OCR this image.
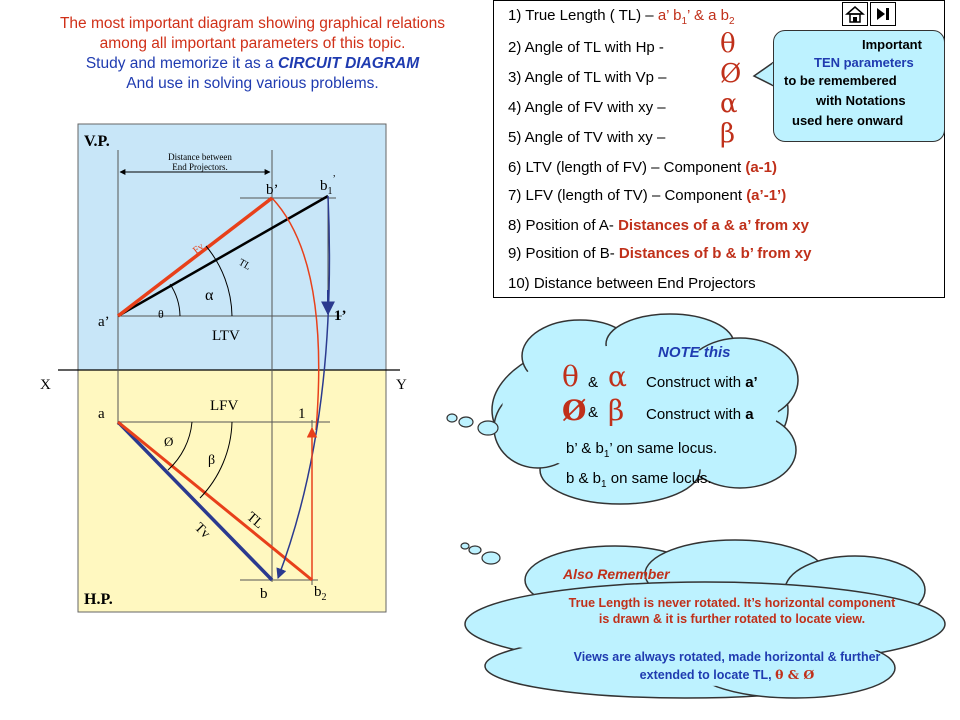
The most important diagram showing graphical relations
among all important parameters of this topic.
Study and memorize it as a CIRCUIT DIAGRAM
And use in solving various problems.
1) True Length ( TL) – a’ $b_1$’ & a $b_2$
2) Angle of TL with Hp - θ
3) Angle of TL with Vp – Ø
4) Angle of FV with xy – α
5) Angle of TV with xy – β
6) LTV (length of FV) – Component (a-1)
7) LFV (length of TV) – Component (a’-1’)
8) Position of A- Distances of a & a’ from xy
9) Position of B- Distances of b & b’ from xy
10) Distance between End Projectors
Important
TEN parameters
to be remembered
with Notations
used here onward
Distance between
End Projectors.
V.P.
H.P.
X	Y
b’	$b_1^’$
a’	1’
LTV
LFV
Fv
TL
α
θ
a	1
Ø
β
TL
Tv
b	$b_2$
NOTE this
θ & α Construct with a’
Ø & β Construct with a
b’ & $b_1$’ on same locus.
b & $b_1$ on same locus.
Also Remember
True Length is never rotated. It’s horizontal component
is drawn & it is further rotated to locate view.
Views are always rotated, made horizontal & further
extended to locate TL, θ & Ø
